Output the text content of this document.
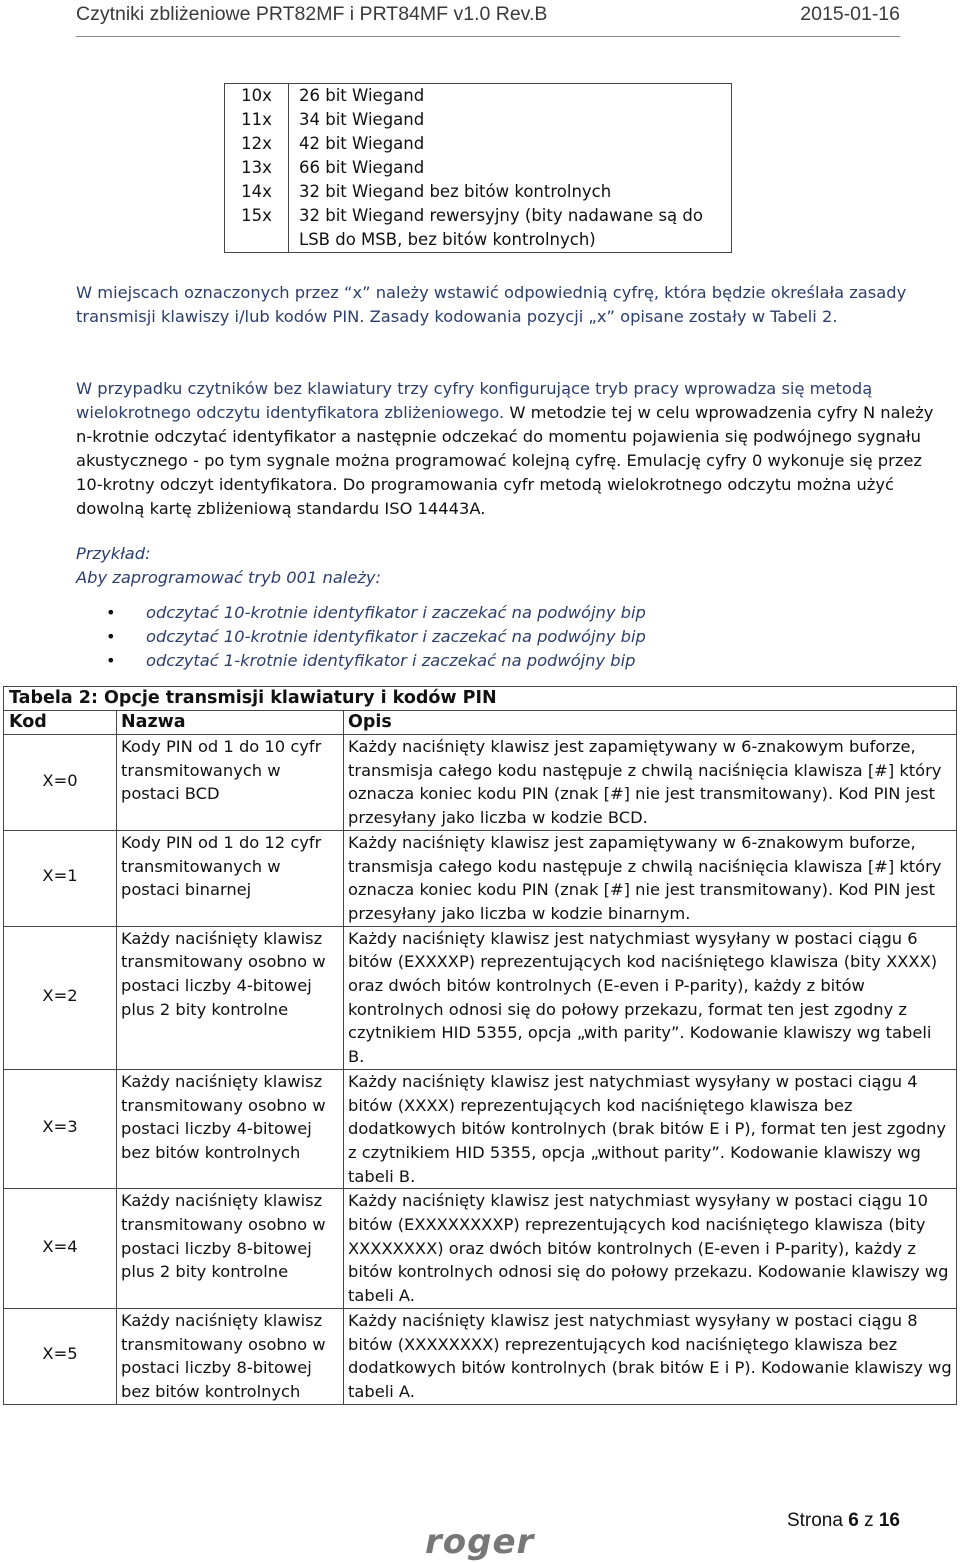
Czytniki zbliżeniowe PRT82MF i PRT84MF v1.0 Rev.B	2015-01-16
10x	26 bit Wiegand
11x	34 bit Wiegand
12x	42 bit Wiegand
13x	66 bit Wiegand
14x	32 bit Wiegand bez bitów kontrolnych
15x	32 bit Wiegand rewersyjny (bity nadawane są do LSB do MSB, bez bitów kontrolnych)
W miejscach oznaczonych przez “x” należy wstawić odpowiednią cyfrę, która będzie określała zasady transmisji klawiszy i/lub kodów PIN. Zasady kodowania pozycji „x” opisane zostały w Tabeli 2.
W przypadku czytników bez klawiatury trzy cyfry konfigurujące tryb pracy wprowadza się metodą wielokrotnego odczytu identyfikatora zbliżeniowego. W metodzie tej w celu wprowadzenia cyfry N należy n-krotnie odczytać identyfikator a następnie odczekać do momentu pojawienia się podwójnego sygnału akustycznego - po tym sygnale można programować kolejną cyfrę. Emulację cyfry 0 wykonuje się przez 10-krotny odczyt identyfikatora. Do programowania cyfr metodą wielokrotnego odczytu można użyć dowolną kartę zbliżeniową standardu ISO 14443A.
Przykład:
Aby zaprogramować tryb 001 należy:
• odczytać 10-krotnie identyfikator i zaczekać na podwójny bip
• odczytać 10-krotnie identyfikator i zaczekać na podwójny bip
• odczytać 1-krotnie identyfikator i zaczekać na podwójny bip
Tabela 2: Opcje transmisji klawiatury i kodów PIN		
Kod	Nazwa	Opis
X=0	Kody PIN od 1 do 10 cyfr transmitowanych w postaci BCD	Każdy naciśnięty klawisz jest zapamiętywany w 6-znakowym buforze, transmisja całego kodu następuje z chwilą naciśnięcia klawisza [#] który oznacza koniec kodu PIN (znak [#] nie jest transmitowany). Kod PIN jest przesyłany jako liczba w kodzie BCD.
X=1	Kody PIN od 1 do 12 cyfr transmitowanych w postaci binarnej	Każdy naciśnięty klawisz jest zapamiętywany w 6-znakowym buforze, transmisja całego kodu następuje z chwilą naciśnięcia klawisza [#] który oznacza koniec kodu PIN (znak [#] nie jest transmitowany). Kod PIN jest przesyłany jako liczba w kodzie binarnym.
X=2	Każdy naciśnięty klawisz transmitowany osobno w postaci liczby 4-bitowej plus 2 bity kontrolne	Każdy naciśnięty klawisz jest natychmiast wysyłany w postaci ciągu 6 bitów (EXXXXP) reprezentujących kod naciśniętego klawisza (bity XXXX) oraz dwóch bitów kontrolnych (E-even i P-parity), każdy z bitów kontrolnych odnosi się do połowy przekazu, format ten jest zgodny z czytnikiem HID 5355, opcja „with parity”. Kodowanie klawiszy wg tabeli B.
X=3	Każdy naciśnięty klawisz transmitowany osobno w postaci liczby 4-bitowej bez bitów kontrolnych	Każdy naciśnięty klawisz jest natychmiast wysyłany w postaci ciągu 4 bitów (XXXX) reprezentujących kod naciśniętego klawisza bez dodatkowych bitów kontrolnych (brak bitów E i P), format ten jest zgodny z czytnikiem HID 5355, opcja „without parity”. Kodowanie klawiszy wg tabeli B.
X=4	Każdy naciśnięty klawisz transmitowany osobno w postaci liczby 8-bitowej plus 2 bity kontrolne	Każdy naciśnięty klawisz jest natychmiast wysyłany w postaci ciągu 10 bitów (EXXXXXXXXP) reprezentujących kod naciśniętego klawisza (bity XXXXXXXX) oraz dwóch bitów kontrolnych (E-even i P-parity), każdy z bitów kontrolnych odnosi się do połowy przekazu. Kodowanie klawiszy wg tabeli A.
X=5	Każdy naciśnięty klawisz transmitowany osobno w postaci liczby 8-bitowej bez bitów kontrolnych	Każdy naciśnięty klawisz jest natychmiast wysyłany w postaci ciągu 8 bitów (XXXXXXXX) reprezentujących kod naciśniętego klawisza bez dodatkowych bitów kontrolnych (brak bitów E i P). Kodowanie klawiszy wg tabeli A.
Strona 6 z 16
roger
